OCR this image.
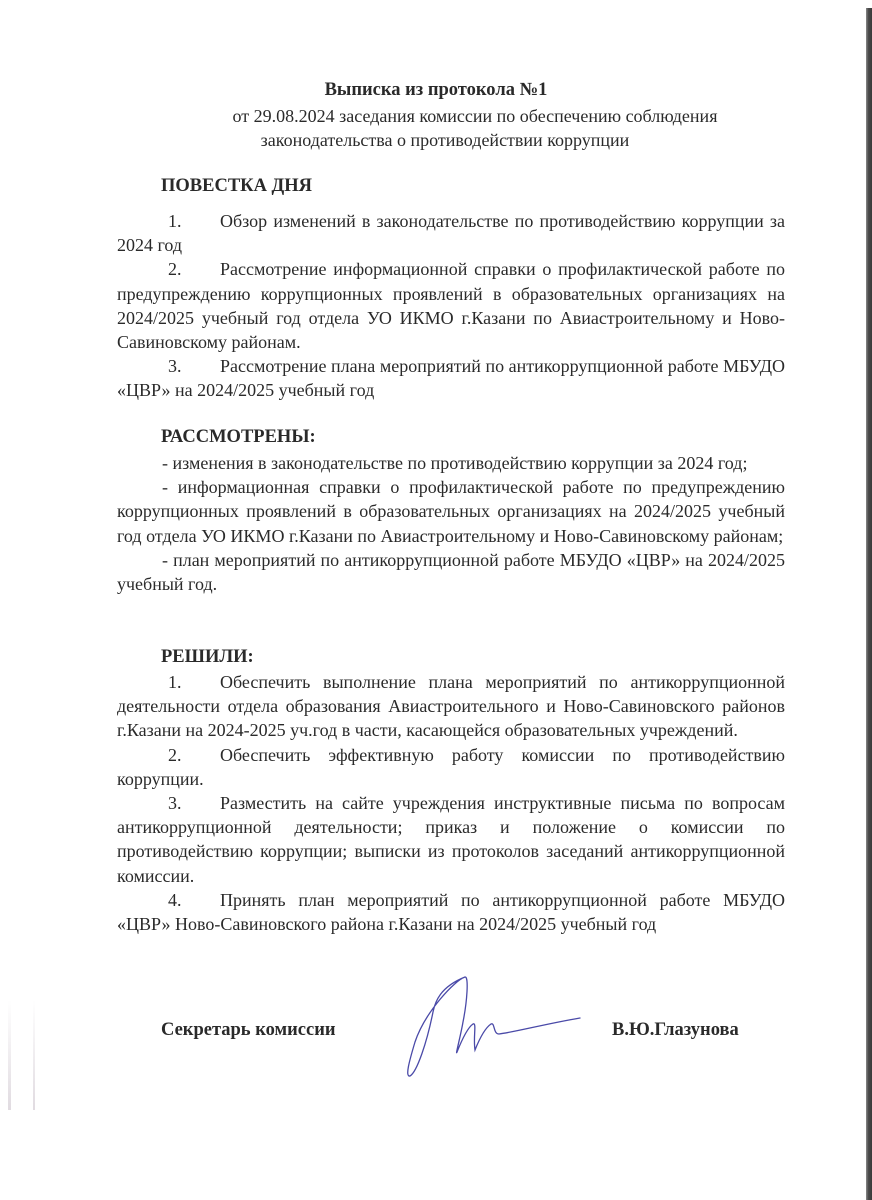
Выписка из протокола №1
от 29.08.2024 заседания комиссии по обеспечению соблюдения
законодательства о противодействии коррупции
ПОВЕСТКА ДНЯ

1. Обзор изменений в законодательстве по противодействию коррупции за 2024 год

2. Рассмотрение информационной справки о профилактической работе по предупреждению коррупционных проявлений в образовательных организациях на 2024/2025 учебный год отдела УО ИКМО г.Казани по Авиастроительному и Ново-Савиновскому районам.

3. Рассмотрение плана мероприятий по антикоррупционной работе МБУДО «ЦВР» на 2024/2025 учебный год

РАССМОТРЕНЫ:

- изменения в законодательстве по противодействию коррупции за 2024 год;

- информационная справки о профилактической работе по предупреждению коррупционных проявлений в образовательных организациях на 2024/2025 учебный год отдела УО ИКМО г.Казани по Авиастроительному и Ново-Савиновскому районам;

- план мероприятий по антикоррупционной работе МБУДО «ЦВР» на 2024/2025 учебный год.

РЕШИЛИ:

1. Обеспечить выполнение плана мероприятий по антикоррупционной деятельности отдела образования Авиастроительного и Ново-Савиновского районов г.Казани на 2024-2025 уч.год в части, касающейся образовательных учреждений.

2. Обеспечить эффективную работу комиссии по противодействию коррупции.

3. Разместить на сайте учреждения инструктивные письма по вопросам антикоррупционной деятельности; приказ и положение о комиссии по противодействию коррупции; выписки из протоколов заседаний антикоррупционной комиссии.

4. Принять план мероприятий по антикоррупционной работе МБУДО «ЦВР» Ново-Савиновского района г.Казани на 2024/2025 учебный год

Секретарь комиссии	В.Ю.Глазунова
